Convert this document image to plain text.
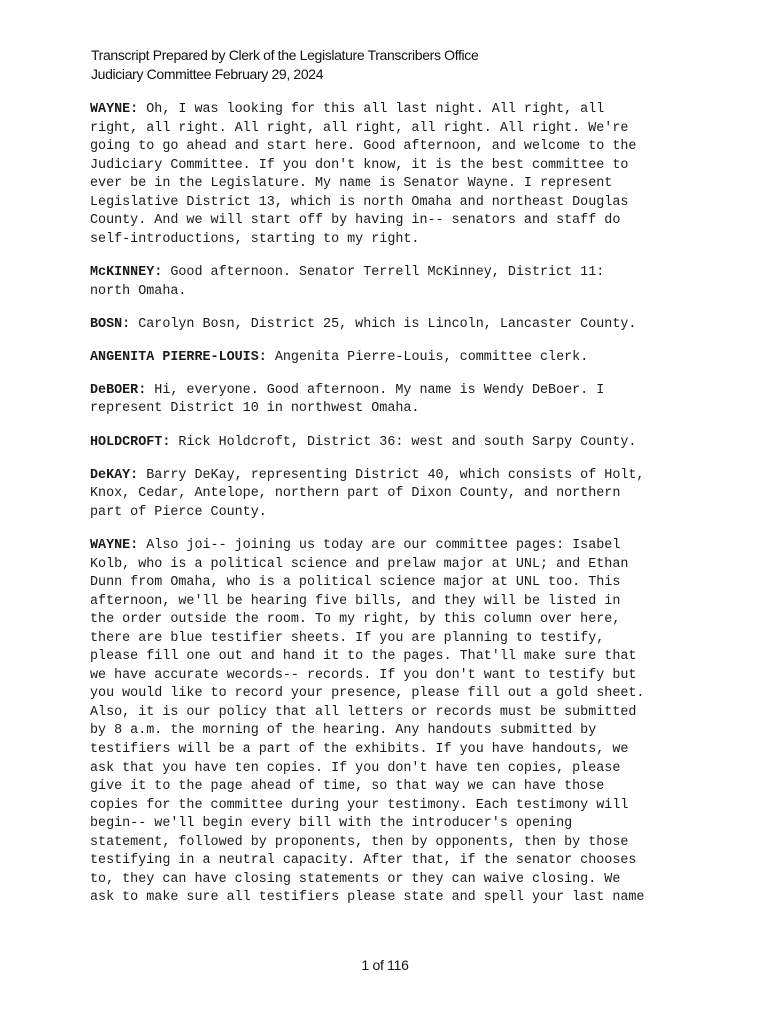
Transcript Prepared by Clerk of the Legislature Transcribers Office
Judiciary Committee February 29, 2024

WAYNE: Oh, I was looking for this all last night. All right, all
right, all right. All right, all right, all right. All right. We're
going to go ahead and start here. Good afternoon, and welcome to the
Judiciary Committee. If you don't know, it is the best committee to
ever be in the Legislature. My name is Senator Wayne. I represent
Legislative District 13, which is north Omaha and northeast Douglas
County. And we will start off by having in-- senators and staff do
self-introductions, starting to my right.

McKINNEY: Good afternoon. Senator Terrell McKinney, District 11:
north Omaha.

BOSN: Carolyn Bosn, District 25, which is Lincoln, Lancaster County.

ANGENITA PIERRE-LOUIS: Angenita Pierre-Louis, committee clerk.

DeBOER: Hi, everyone. Good afternoon. My name is Wendy DeBoer. I
represent District 10 in northwest Omaha.

HOLDCROFT: Rick Holdcroft, District 36: west and south Sarpy County.

DeKAY: Barry DeKay, representing District 40, which consists of Holt,
Knox, Cedar, Antelope, northern part of Dixon County, and northern
part of Pierce County.

WAYNE: Also joi-- joining us today are our committee pages: Isabel
Kolb, who is a political science and prelaw major at UNL; and Ethan
Dunn from Omaha, who is a political science major at UNL too. This
afternoon, we'll be hearing five bills, and they will be listed in
the order outside the room. To my right, by this column over here,
there are blue testifier sheets. If you are planning to testify,
please fill one out and hand it to the pages. That'll make sure that
we have accurate wecords-- records. If you don't want to testify but
you would like to record your presence, please fill out a gold sheet.
Also, it is our policy that all letters or records must be submitted
by 8 a.m. the morning of the hearing. Any handouts submitted by
testifiers will be a part of the exhibits. If you have handouts, we
ask that you have ten copies. If you don't have ten copies, please
give it to the page ahead of time, so that way we can have those
copies for the committee during your testimony. Each testimony will
begin-- we'll begin every bill with the introducer's opening
statement, followed by proponents, then by opponents, then by those
testifying in a neutral capacity. After that, if the senator chooses
to, they can have closing statements or they can waive closing. We
ask to make sure all testifiers please state and spell your last name

1 of 116
